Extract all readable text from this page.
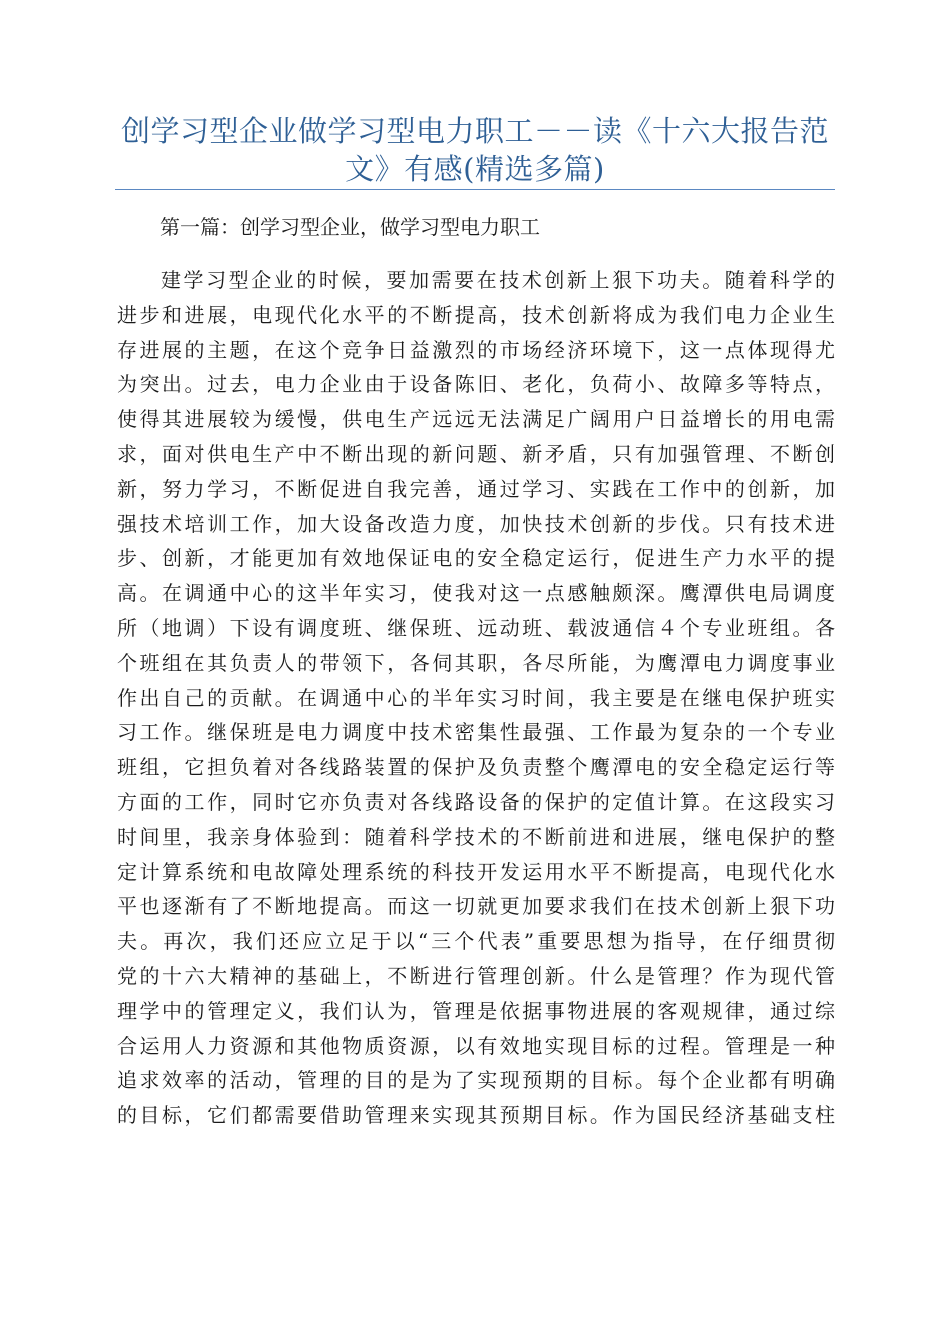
创学习型企业做学习型电力职工－－读《十六大报告范
文》有感(精选多篇)
第一篇：创学习型企业，做学习型电力职工
建学习型企业的时候，要加需要在技术创新上狠下功夫。随着科学的
进步和进展，电现代化水平的不断提高，技术创新将成为我们电力企业生
存进展的主题，在这个竞争日益激烈的市场经济环境下，这一点体现得尤
为突出。过去，电力企业由于设备陈旧、老化，负荷小、故障多等特点，
使得其进展较为缓慢，供电生产远远无法满足广阔用户日益增长的用电需
求，面对供电生产中不断出现的新问题、新矛盾，只有加强管理、不断创
新，努力学习，不断促进自我完善，通过学习、实践在工作中的创新，加
强技术培训工作，加大设备改造力度，加快技术创新的步伐。只有技术进
步、创新，才能更加有效地保证电的安全稳定运行，促进生产力水平的提
高。在调通中心的这半年实习，使我对这一点感触颇深。鹰潭供电局调度
所（地调）下设有调度班、继保班、远动班、载波通信４个专业班组。各
个班组在其负责人的带领下，各伺其职，各尽所能，为鹰潭电力调度事业
作出自己的贡献。在调通中心的半年实习时间，我主要是在继电保护班实
习工作。继保班是电力调度中技术密集性最强、工作最为复杂的一个专业
班组，它担负着对各线路装置的保护及负责整个鹰潭电的安全稳定运行等
方面的工作，同时它亦负责对各线路设备的保护的定值计算。在这段实习
时间里，我亲身体验到：随着科学技术的不断前进和进展，继电保护的整
定计算系统和电故障处理系统的科技开发运用水平不断提高，电现代化水
平也逐渐有了不断地提高。而这一切就更加要求我们在技术创新上狠下功
夫。再次，我们还应立足于以“三个代表”重要思想为指导，在仔细贯彻
党的十六大精神的基础上，不断进行管理创新。什么是管理？作为现代管
理学中的管理定义，我们认为，管理是依据事物进展的客观规律，通过综
合运用人力资源和其他物质资源，以有效地实现目标的过程。管理是一种
追求效率的活动，管理的目的是为了实现预期的目标。每个企业都有明确
的目标，它们都需要借助管理来实现其预期目标。作为国民经济基础支柱
